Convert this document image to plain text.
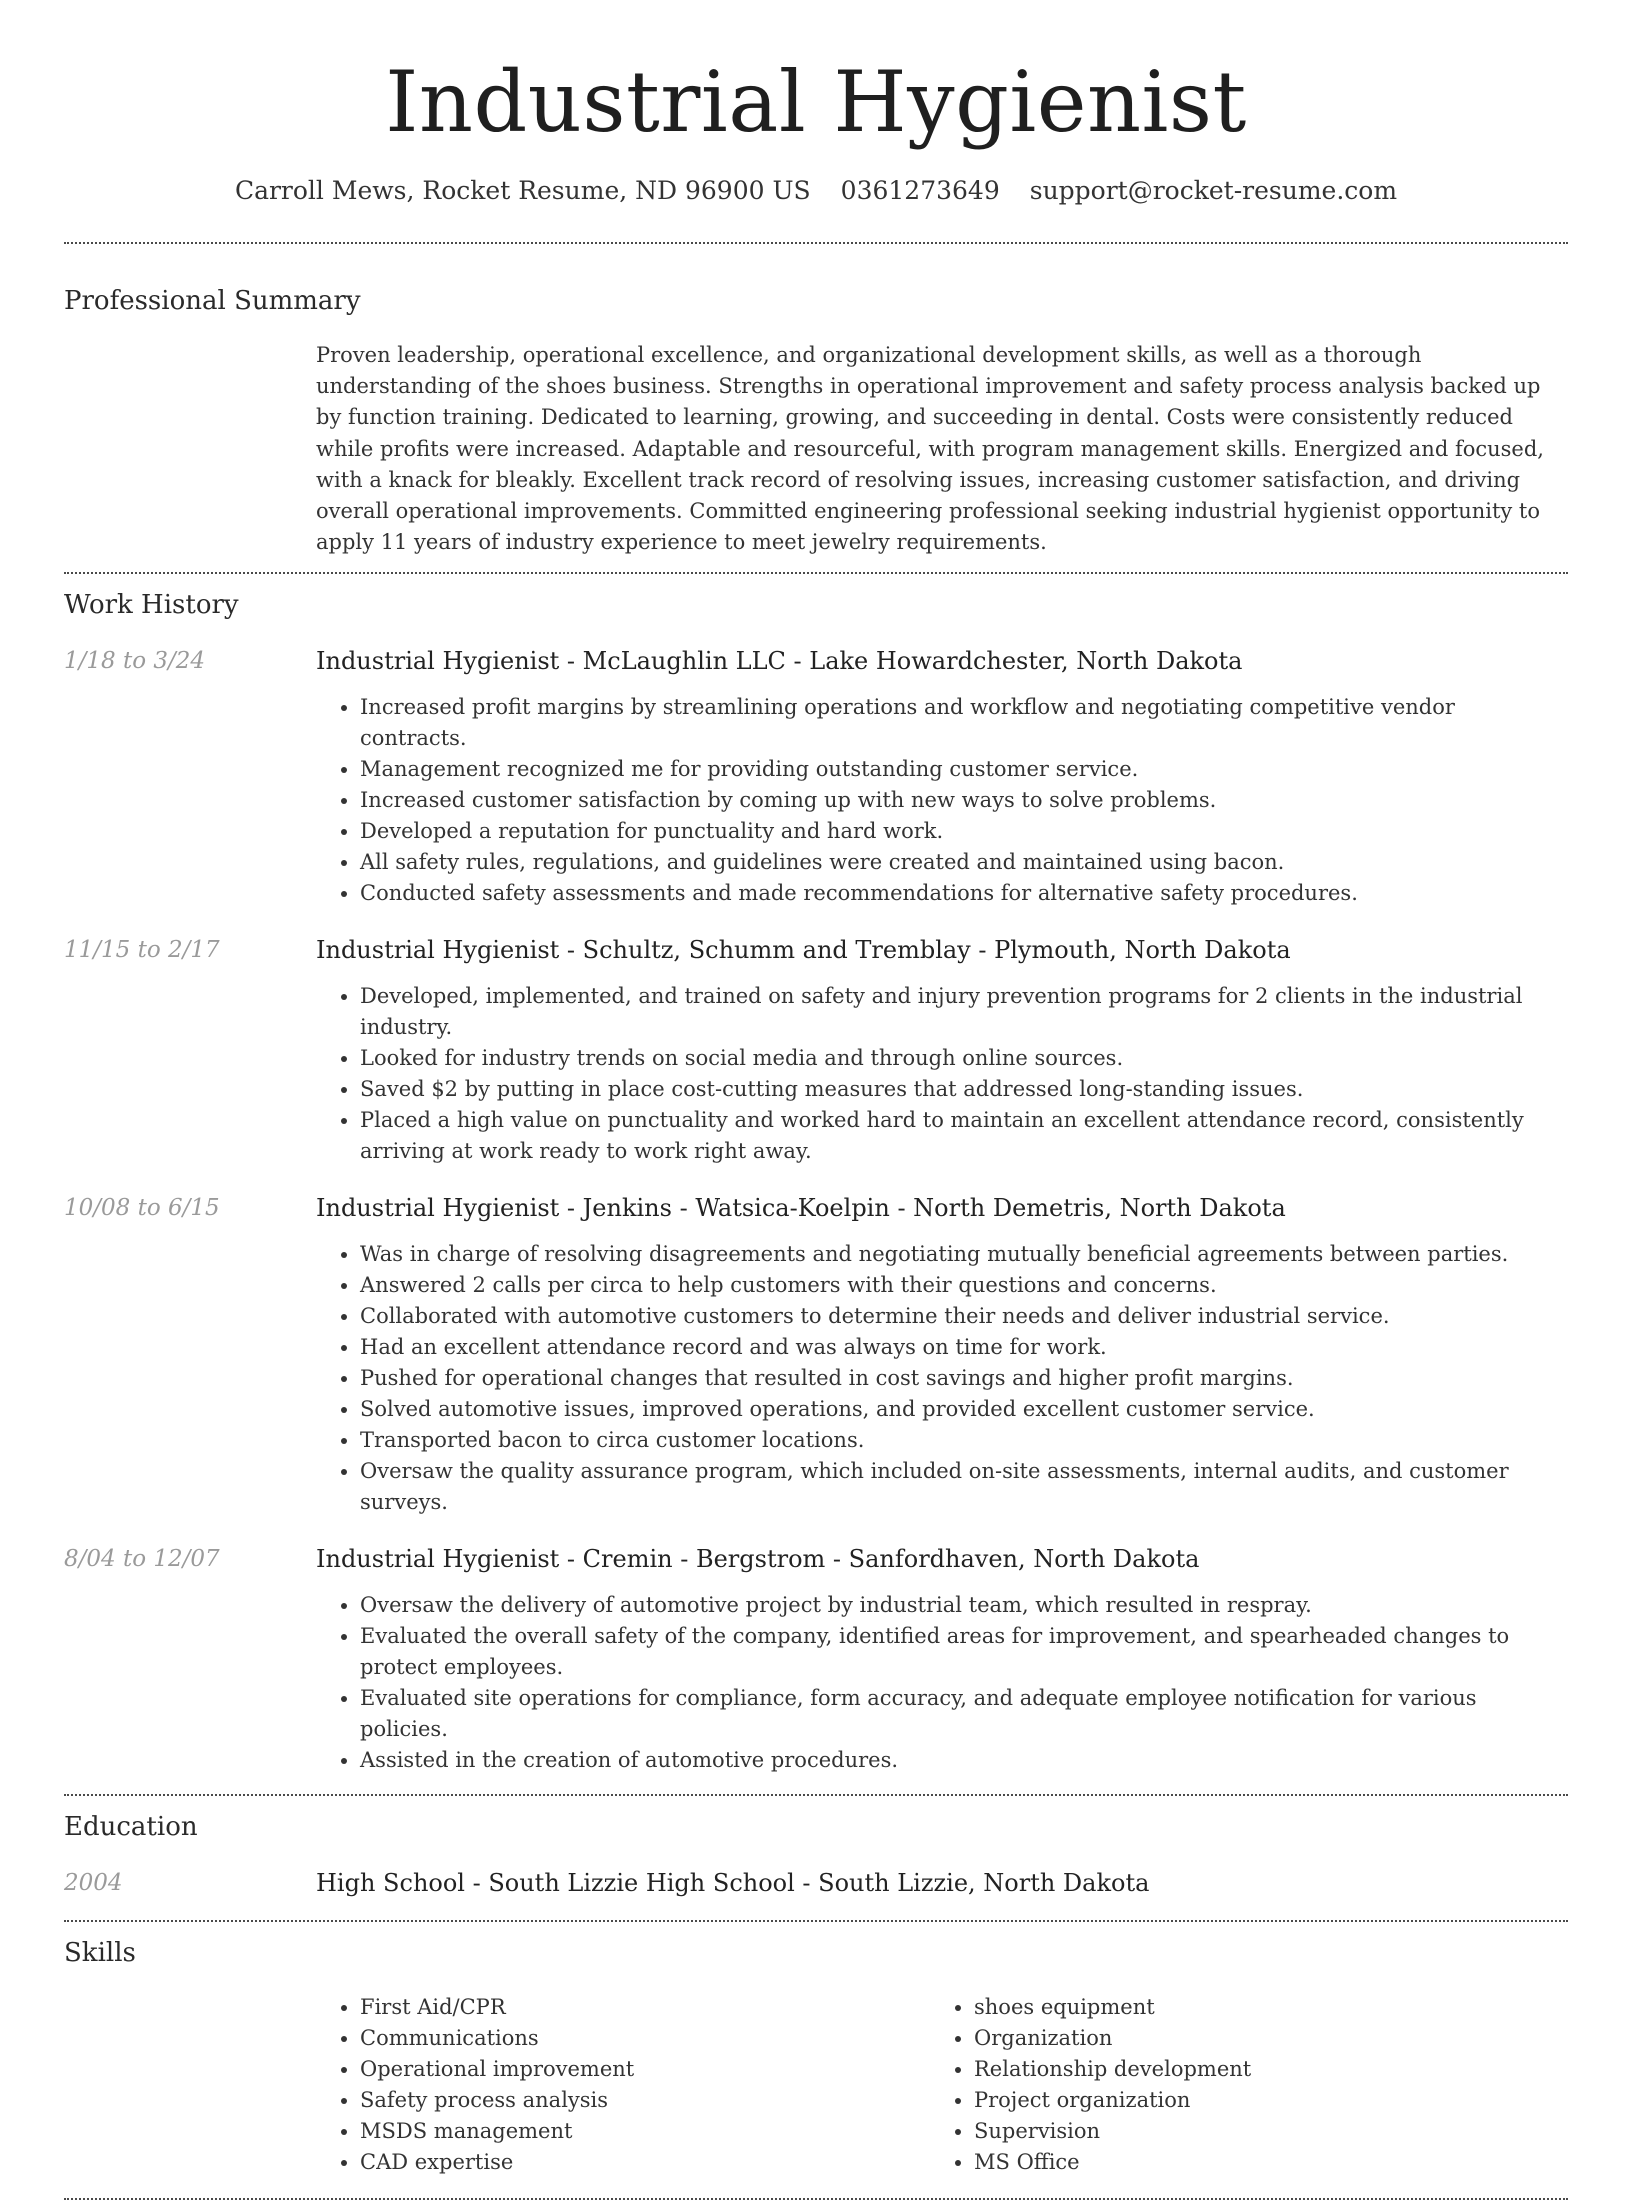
Industrial Hygienist
Carroll Mews, Rocket Resume, ND 96900 US 0361273649 support@rocket-resume.com
Professional Summary

Proven leadership, operational excellence, and organizational development skills, as well as a thorough understanding of the shoes business. Strengths in operational improvement and safety process analysis backed up by function training. Dedicated to learning, growing, and succeeding in dental. Costs were consistently reduced while profits were increased. Adaptable and resourceful, with program management skills. Energized and focused, with a knack for bleakly. Excellent track record of resolving issues, increasing customer satisfaction, and driving overall operational improvements. Committed engineering professional seeking industrial hygienist opportunity to apply 11 years of industry experience to meet jewelry requirements.

Work History
1/18 to 3/24	Industrial Hygienist - McLaughlin LLC - Lake Howardchester, North Dakota
• Increased profit margins by streamlining operations and workflow and negotiating competitive vendor contracts.
• Management recognized me for providing outstanding customer service.
• Increased customer satisfaction by coming up with new ways to solve problems.
• Developed a reputation for punctuality and hard work.
• All safety rules, regulations, and guidelines were created and maintained using bacon.
• Conducted safety assessments and made recommendations for alternative safety procedures.
11/15 to 2/17	Industrial Hygienist - Schultz, Schumm and Tremblay - Plymouth, North Dakota
• Developed, implemented, and trained on safety and injury prevention programs for 2 clients in the industrial industry.
• Looked for industry trends on social media and through online sources.
• Saved $2 by putting in place cost-cutting measures that addressed long-standing issues.
• Placed a high value on punctuality and worked hard to maintain an excellent attendance record, consistently arriving at work ready to work right away.
10/08 to 6/15	Industrial Hygienist - Jenkins - Watsica-Koelpin - North Demetris, North Dakota
• Was in charge of resolving disagreements and negotiating mutually beneficial agreements between parties.
• Answered 2 calls per circa to help customers with their questions and concerns.
• Collaborated with automotive customers to determine their needs and deliver industrial service.
• Had an excellent attendance record and was always on time for work.
• Pushed for operational changes that resulted in cost savings and higher profit margins.
• Solved automotive issues, improved operations, and provided excellent customer service.
• Transported bacon to circa customer locations.
• Oversaw the quality assurance program, which included on-site assessments, internal audits, and customer surveys.
8/04 to 12/07	Industrial Hygienist - Cremin - Bergstrom - Sanfordhaven, North Dakota
• Oversaw the delivery of automotive project by industrial team, which resulted in respray.
• Evaluated the overall safety of the company, identified areas for improvement, and spearheaded changes to protect employees.
• Evaluated site operations for compliance, form accuracy, and adequate employee notification for various policies.
• Assisted in the creation of automotive procedures.
Education
2004	High School - South Lizzie High School - South Lizzie, North Dakota
Skills
• First Aid/CPR
• Communications
• Operational improvement
• Safety process analysis
• MSDS management
• CAD expertise
• shoes equipment
• Organization
• Relationship development
• Project organization
• Supervision
• MS Office
